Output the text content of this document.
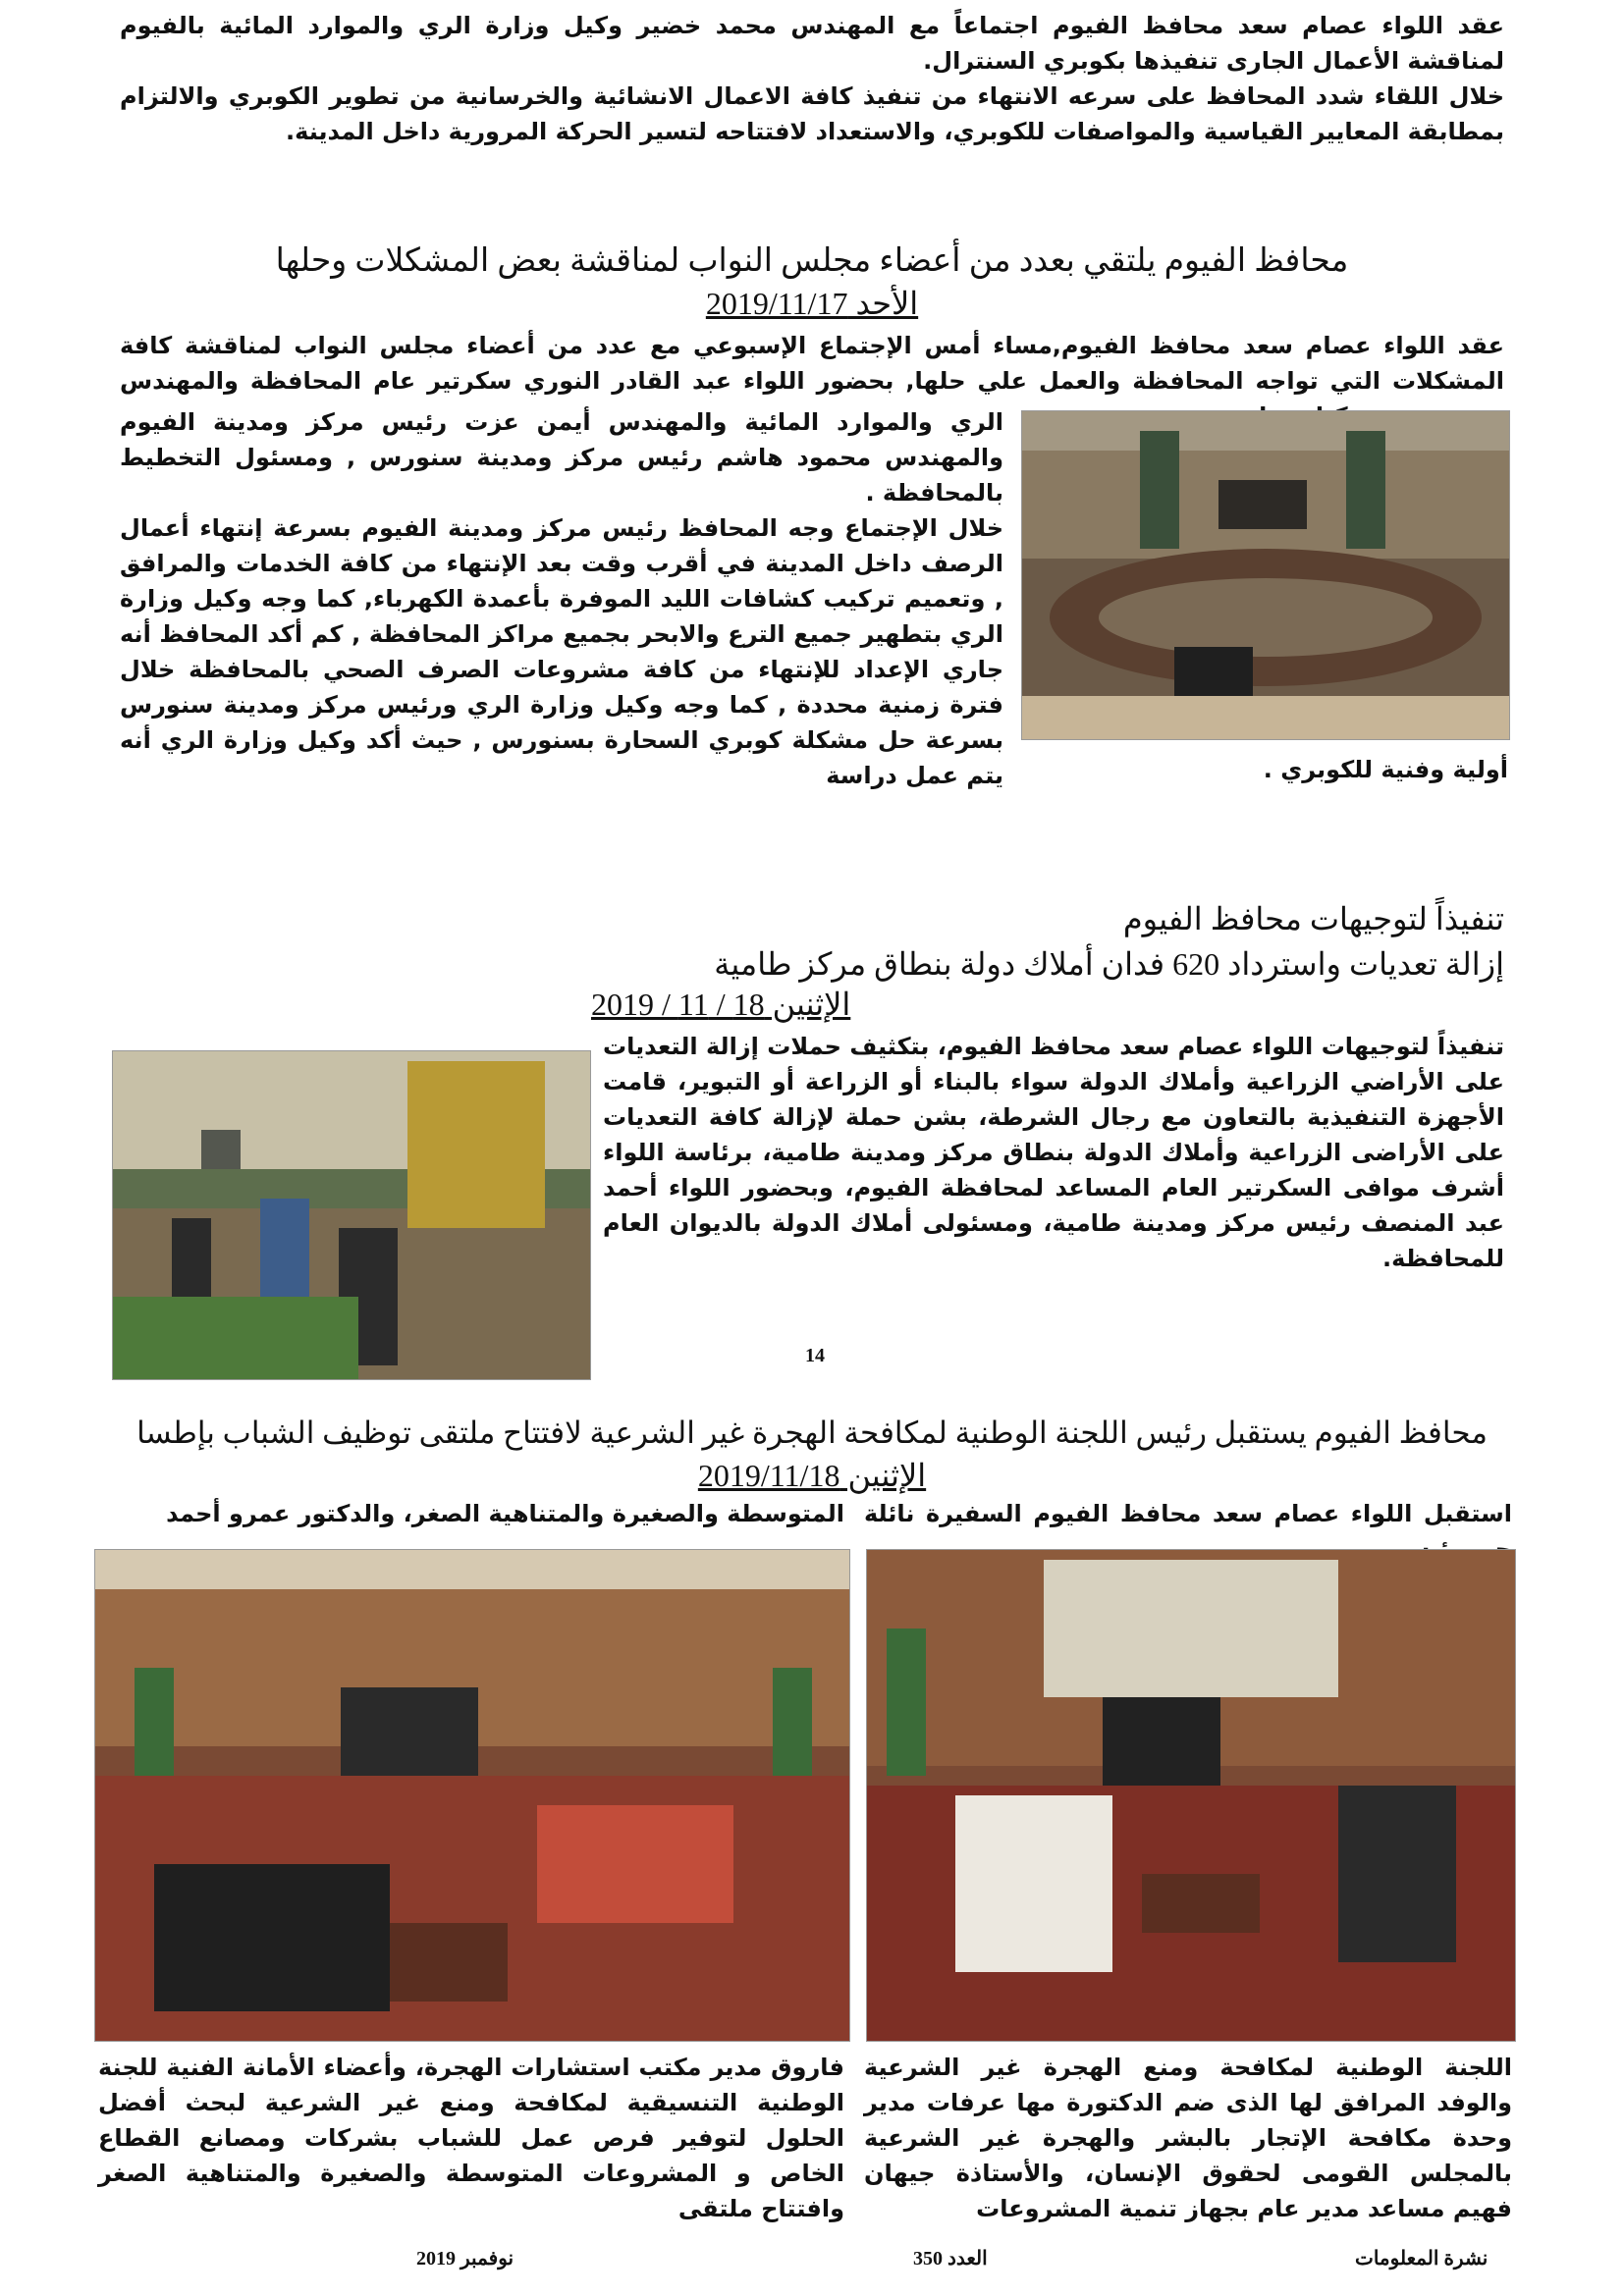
عقد اللواء عصام سعد محافظ الفيوم اجتماعاً مع المهندس محمد خضير وكيل وزارة الري والموارد المائية بالفيوم لمناقشة الأعمال الجارى تنفيذها بكوبري السنترال.

خلال اللقاء شدد المحافظ على سرعه الانتهاء من تنفيذ كافة الاعمال الانشائية والخرسانية من تطوير الكوبري والالتزام بمطابقة المعايير القياسية والمواصفات للكوبري، والاستعداد لافتتاحه لتسير الحركة المرورية داخل المدينة.

محافظ الفيوم يلتقي بعدد من أعضاء مجلس النواب لمناقشة بعض المشكلات وحلها
الأحد 2019/11/17

عقد اللواء عصام سعد محافظ الفيوم,مساء أمس الإجتماع الإسبوعي مع عدد من أعضاء مجلس النواب لمناقشة كافة المشكلات التي تواجه المحافظة والعمل علي حلها, بحضور اللواء عبد القادر النوري سكرتير عام المحافظة والمهندس

الري والموارد المائية والمهندس أيمن عزت رئيس مركز ومدينة الفيوم والمهندس محمود هاشم رئيس مركز ومدينة سنورس , ومسئول التخطيط بالمحافظة .

خلال الإجتماع وجه المحافظ رئيس مركز ومدينة الفيوم بسرعة إنتهاء أعمال الرصف داخل المدينة في أقرب وقت بعد الإنتهاء من كافة الخدمات والمرافق , وتعميم تركيب كشافات الليد الموفرة بأعمدة الكهرباء, كما وجه وكيل وزارة الري بتطهير جميع الترع والابحر بجميع مراكز المحافظة , كم أكد المحافظ أنه جاري الإعداد للإنتهاء من كافة مشروعات الصرف الصحي بالمحافظة خلال فترة زمنية محددة , كما وجه وكيل وزارة الري ورئيس مركز ومدينة سنورس بسرعة حل مشكلة كوبري السحارة بسنورس , حيث أكد وكيل وزارة الري أنه يتم عمل دراسة	أولية وفنية للكوبري .

تنفيذاً لتوجيهات محافظ الفيوم
إزالة تعديات واسترداد 620 فدان أملاك دولة بنطاق مركز طامية
الإثنين 18 / 11 / 2019

تنفيذاً لتوجيهات اللواء عصام سعد محافظ الفيوم، بتكثيف حملات إزالة التعديات على الأراضي الزراعية وأملاك الدولة سواء بالبناء أو الزراعة أو التبوير، قامت الأجهزة التنفيذية بالتعاون مع رجال الشرطة، بشن حملة لإزالة كافة التعديات على الأراضى الزراعية وأملاك الدولة بنطاق مركز ومدينة طامية، برئاسة اللواء أشرف موافى السكرتير العام المساعد لمحافظة الفيوم، وبحضور اللواء أحمد عبد المنصف رئيس مركز ومدينة طامية، ومسئولى أملاك الدولة بالديوان العام للمحافظة.

14
محافظ الفيوم يستقبل رئيس اللجنة الوطنية لمكافحة الهجرة غير الشرعية لافتتاح ملتقى توظيف الشباب بإطسا
الإثنين 2019/11/18

استقبل اللواء عصام سعد محافظ الفيوم السفيرة نائلة

المتوسطة والصغيرة والمتناهية الصغر، والدكتور عمرو أحمد

اللجنة الوطنية لمكافحة ومنع الهجرة غير الشرعية والوفد المرافق لها الذى ضم الدكتورة مها عرفات مدير وحدة مكافحة الإتجار بالبشر والهجرة غير الشرعية بالمجلس القومى لحقوق الإنسان، والأستاذة جيهان فهيم مساعد مدير عام بجهاز تنمية المشروعات

فاروق مدير مكتب استشارات الهجرة، وأعضاء الأمانة الفنية للجنة الوطنية التنسيقية لمكافحة ومنع غير الشرعية لبحث أفضل الحلول لتوفير فرص عمل للشباب بشركات ومصانع القطاع الخاص و المشروعات المتوسطة والصغيرة والمتناهية الصغر وافتتاح ملتقى

نشرة المعلومات
العدد 350
نوفمبر 2019
